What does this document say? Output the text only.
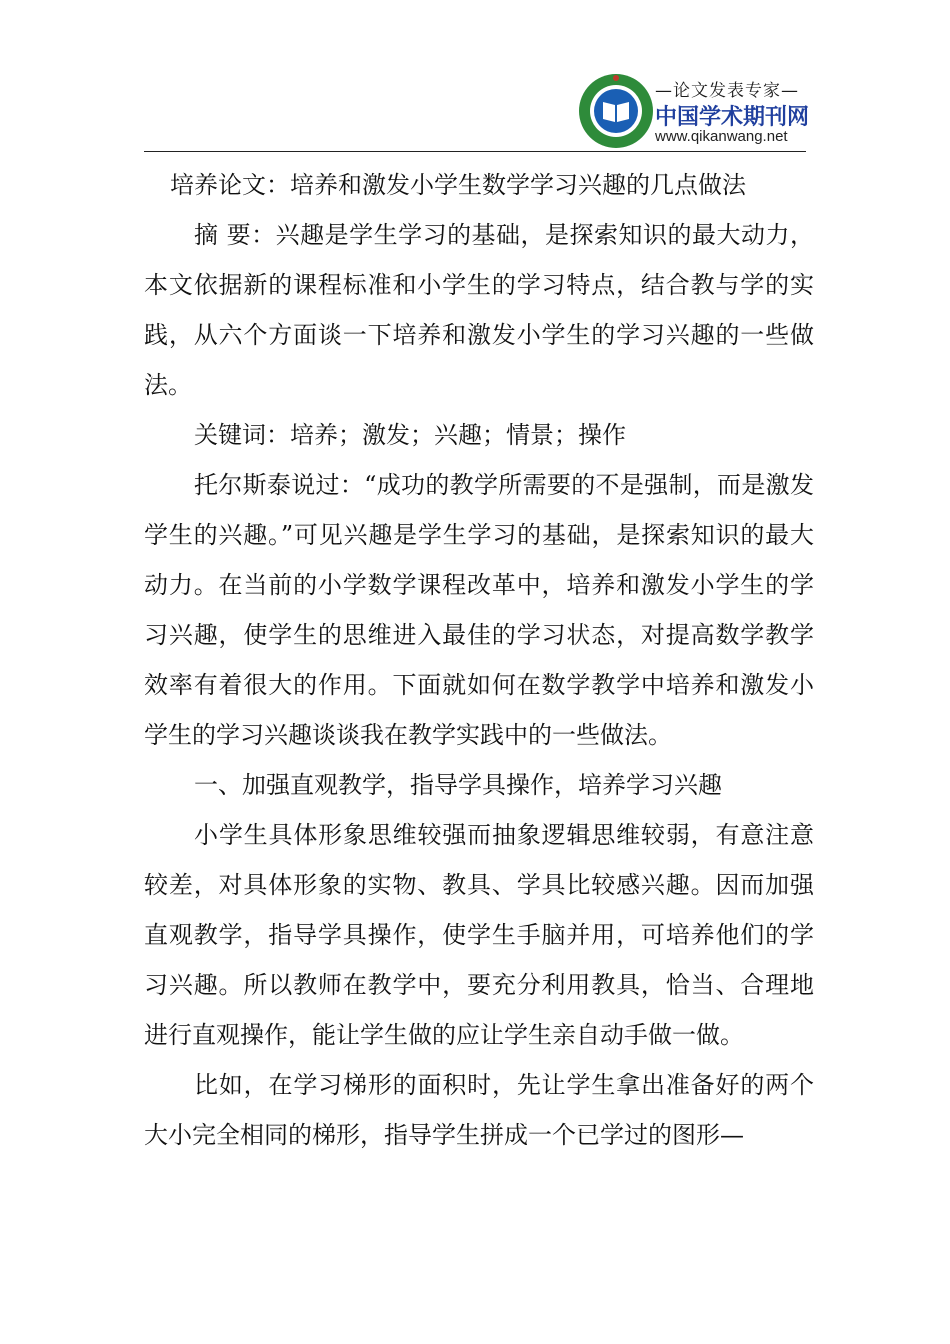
—论文发表专家—
中国学术期刊网
www.qikanwang.net

培养论文：培养和激发小学生数学学习兴趣的几点做法

摘 要：兴趣是学生学习的基础，是探索知识的最大动力，本文依据新的课程标准和小学生的学习特点，结合教与学的实践，从六个方面谈一下培养和激发小学生的学习兴趣的一些做法。

关键词：培养；激发；兴趣；情景；操作

托尔斯泰说过：“成功的教学所需要的不是强制，而是激发学生的兴趣。”可见兴趣是学生学习的基础，是探索知识的最大动力。在当前的小学数学课程改革中，培养和激发小学生的学习兴趣，使学生的思维进入最佳的学习状态，对提高数学教学效率有着很大的作用。下面就如何在数学教学中培养和激发小学生的学习兴趣谈谈我在教学实践中的一些做法。

一、加强直观教学，指导学具操作，培养学习兴趣

小学生具体形象思维较强而抽象逻辑思维较弱，有意注意较差，对具体形象的实物、教具、学具比较感兴趣。因而加强直观教学，指导学具操作，使学生手脑并用，可培养他们的学习兴趣。所以教师在教学中，要充分利用教具，恰当、合理地进行直观操作，能让学生做的应让学生亲自动手做一做。

比如，在学习梯形的面积时，先让学生拿出准备好的两个大小完全相同的梯形，指导学生拼成一个已学过的图形—
